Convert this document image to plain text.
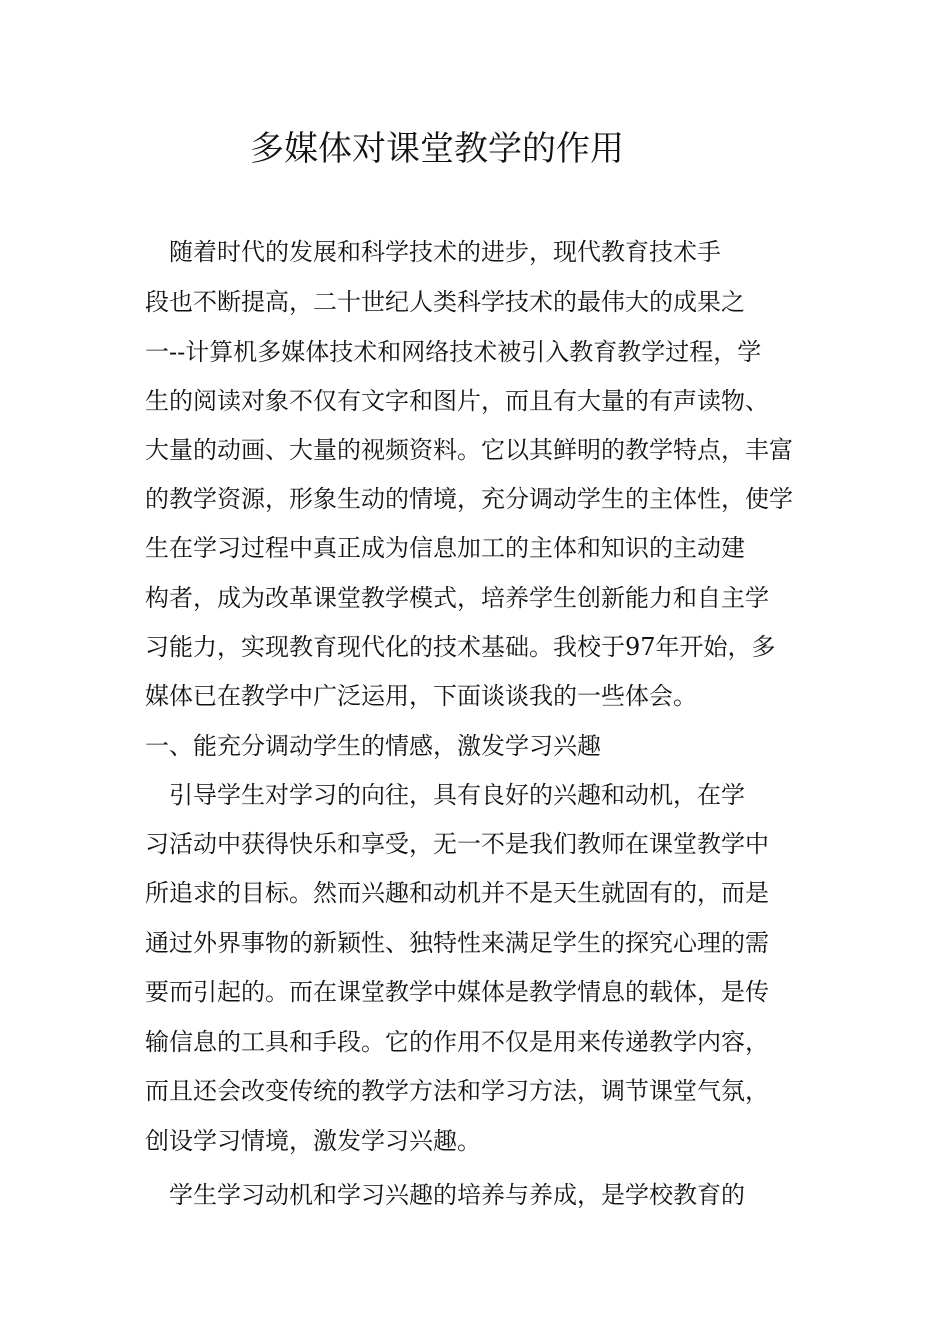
多媒体对课堂教学的作用
　随着时代的发展和科学技术的进步，现代教育技术手
段也不断提高，二十世纪人类科学技术的最伟大的成果之
一--计算机多媒体技术和网络技术被引入教育教学过程，学
生的阅读对象不仅有文字和图片，而且有大量的有声读物、
大量的动画、大量的视频资料。它以其鲜明的教学特点，丰富
的教学资源，形象生动的情境，充分调动学生的主体性，使学
生在学习过程中真正成为信息加工的主体和知识的主动建
构者，成为改革课堂教学模式，培养学生创新能力和自主学
习能力，实现教育现代化的技术基础。我校于97年开始，多
媒体已在教学中广泛运用，下面谈谈我的一些体会。
一、能充分调动学生的情感，激发学习兴趣
　引导学生对学习的向往，具有良好的兴趣和动机，在学
习活动中获得快乐和享受，无一不是我们教师在课堂教学中
所追求的目标。然而兴趣和动机并不是天生就固有的，而是
通过外界事物的新颖性、独特性来满足学生的探究心理的需
要而引起的。而在课堂教学中媒体是教学情息的载体，是传
输信息的工具和手段。它的作用不仅是用来传递教学内容，
而且还会改变传统的教学方法和学习方法，调节课堂气氛，
创设学习情境，激发学习兴趣。
　学生学习动机和学习兴趣的培养与养成，是学校教育的
